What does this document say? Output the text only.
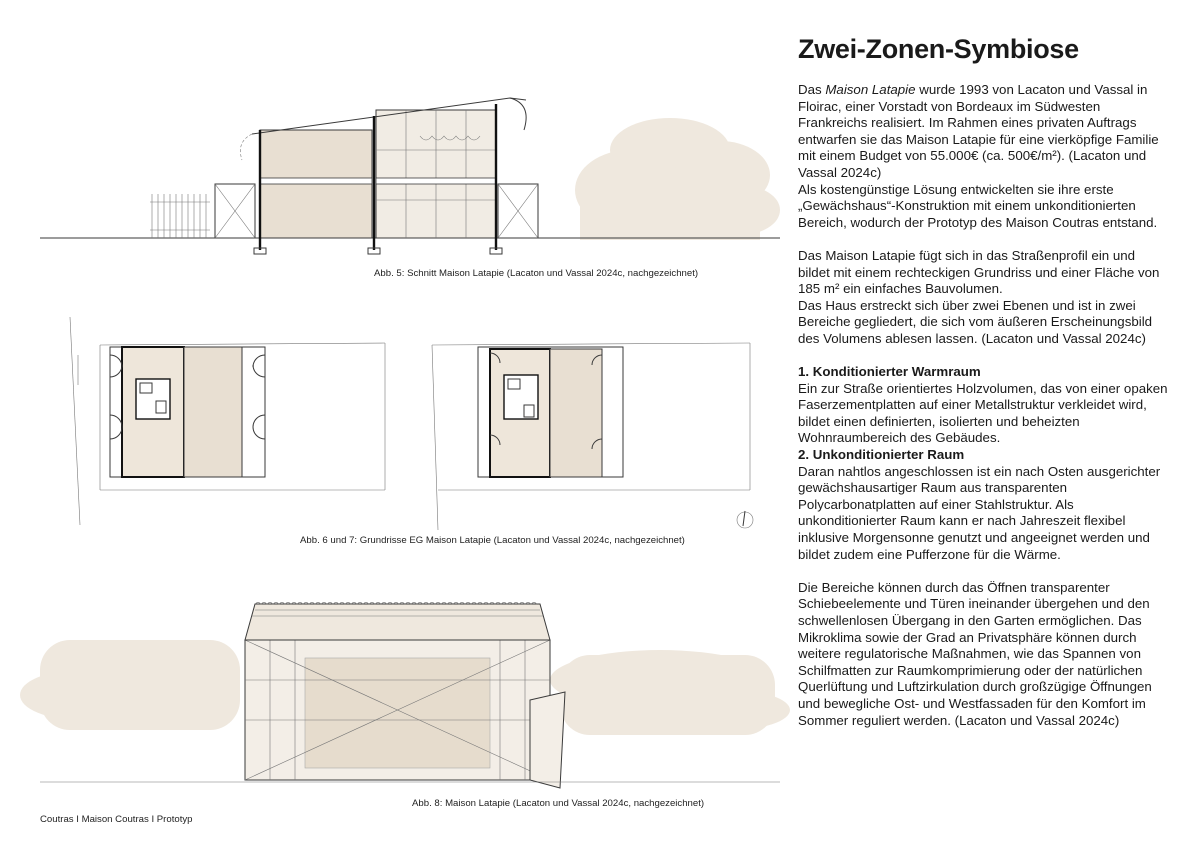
Zwei-Zonen-Symbiose

Das Maison Latapie wurde 1993 von Lacaton und Vassal in Floirac, einer Vorstadt von Bordeaux im Südwesten Frankreichs realisiert. Im Rahmen eines privaten Auftrags entwarfen sie das Maison Latapie für eine vierköpfige Familie mit einem Budget von 55.000€ (ca. 500€/m²). (Lacaton und Vassal 2024c)

Als kostengünstige Lösung entwickelten sie ihre erste „Gewächshaus“-Konstruktion mit einem unkonditionierten Bereich, wodurch der Prototyp des Maison Coutras entstand.

Das Maison Latapie fügt sich in das Straßenprofil ein und bildet mit einem rechteckigen Grundriss und einer Fläche von 185 m² ein einfaches Bauvolumen.

Das Haus erstreckt sich über zwei Ebenen und ist in zwei Bereiche gegliedert, die sich vom äußeren Erscheinungsbild des Volumens ablesen lassen. (Lacaton und Vassal 2024c)

1. Konditionierter Warmraum

Ein zur Straße orientiertes Holzvolumen, das von einer opaken Faserzementplatten auf einer Metallstruktur verkleidet wird, bildet einen definierten, isolierten und beheizten Wohnraumbereich des Gebäudes.

2. Unkonditionierter Raum

Daran nahtlos angeschlossen ist ein nach Osten ausgerichter gewächshausartiger Raum aus transparenten Polycarbonatplatten auf einer Stahlstruktur. Als unkonditionierter Raum kann er nach Jahreszeit flexibel inklusive Morgensonne genutzt und angeeignet werden und bildet zudem eine Pufferzone für die Wärme.

Die Bereiche können durch das Öffnen transparenter Schiebeelemente und Türen ineinander übergehen und den schwellenlosen Übergang in den Garten ermöglichen. Das Mikroklima sowie der Grad an Privatsphäre können durch weitere regulatorische Maßnahmen, wie das Spannen von Schilfmatten zur Raumkomprimierung oder der natürlichen Querlüftung und Luftzirkulation durch großzügige Öffnungen und bewegliche Ost- und Westfassaden für den Komfort im Sommer reguliert werden. (Lacaton und Vassal 2024c)

Abb. 5: Schnitt Maison Latapie (Lacaton und Vassal 2024c, nachgezeichnet)
Abb. 6 und 7: Grundrisse EG Maison Latapie (Lacaton und Vassal 2024c, nachgezeichnet)
Abb. 8: Maison Latapie (Lacaton und Vassal 2024c, nachgezeichnet)
Coutras I Maison Coutras I Prototyp
